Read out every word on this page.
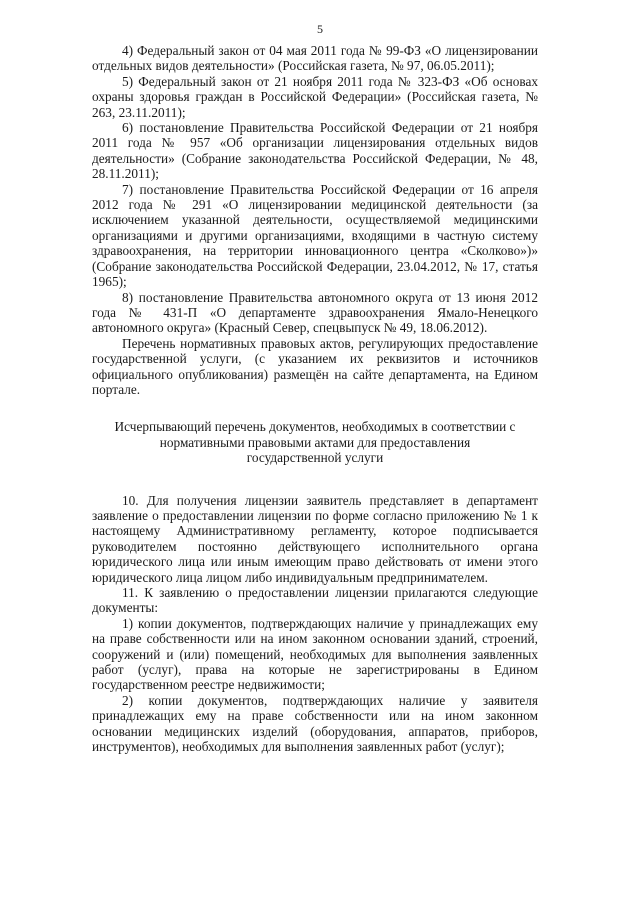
5

4) Федеральный закон от 04 мая 2011 года № 99-ФЗ «О лицензировании отдельных видов деятельности» (Российская газета, № 97, 06.05.2011);

5) Федеральный закон от 21 ноября 2011 года № 323-ФЗ «Об основах охраны здоровья граждан в Российской Федерации» (Российская газета, № 263, 23.11.2011);

6) постановление Правительства Российской Федерации от 21 ноября 2011 года № 957 «Об организации лицензирования отдельных видов деятельности» (Собрание законодательства Российской Федерации, № 48, 28.11.2011);

7) постановление Правительства Российской Федерации от 16 апреля 2012 года № 291 «О лицензировании медицинской деятельности (за исключением указанной деятельности, осуществляемой медицинскими организациями и другими организациями, входящими в частную систему здравоохранения, на территории инновационного центра «Сколково»)» (Собрание законодательства Российской Федерации, 23.04.2012, № 17, статья 1965);

8) постановление Правительства автономного округа от 13 июня 2012 года № 431-П «О департаменте здравоохранения Ямало-Ненецкого автономного округа» (Красный Север, спецвыпуск № 49, 18.06.2012).

Перечень нормативных правовых актов, регулирующих предоставление государственной услуги, (с указанием их реквизитов и источников официального опубликования) размещён на сайте департамента, на Едином портале.

Исчерпывающий перечень документов, необходимых в соответствии с
нормативными правовыми актами для предоставления
государственной услуги

10. Для получения лицензии заявитель представляет в департамент заявление о предоставлении лицензии по форме согласно приложению № 1 к настоящему Административному регламенту, которое подписывается руководителем постоянно действующего исполнительного органа юридического лица или иным имеющим право действовать от имени этого юридического лица лицом либо индивидуальным предпринимателем.

11. К заявлению о предоставлении лицензии прилагаются следующие документы:

1) копии документов, подтверждающих наличие у принадлежащих ему на праве собственности или на ином законном основании зданий, строений, сооружений и (или) помещений, необходимых для выполнения заявленных работ (услуг), права на которые не зарегистрированы в Едином государственном реестре недвижимости;

2) копии документов, подтверждающих наличие у заявителя принадлежащих ему на праве собственности или на ином законном основании медицинских изделий (оборудования, аппаратов, приборов, инструментов), необходимых для выполнения заявленных работ (услуг);
